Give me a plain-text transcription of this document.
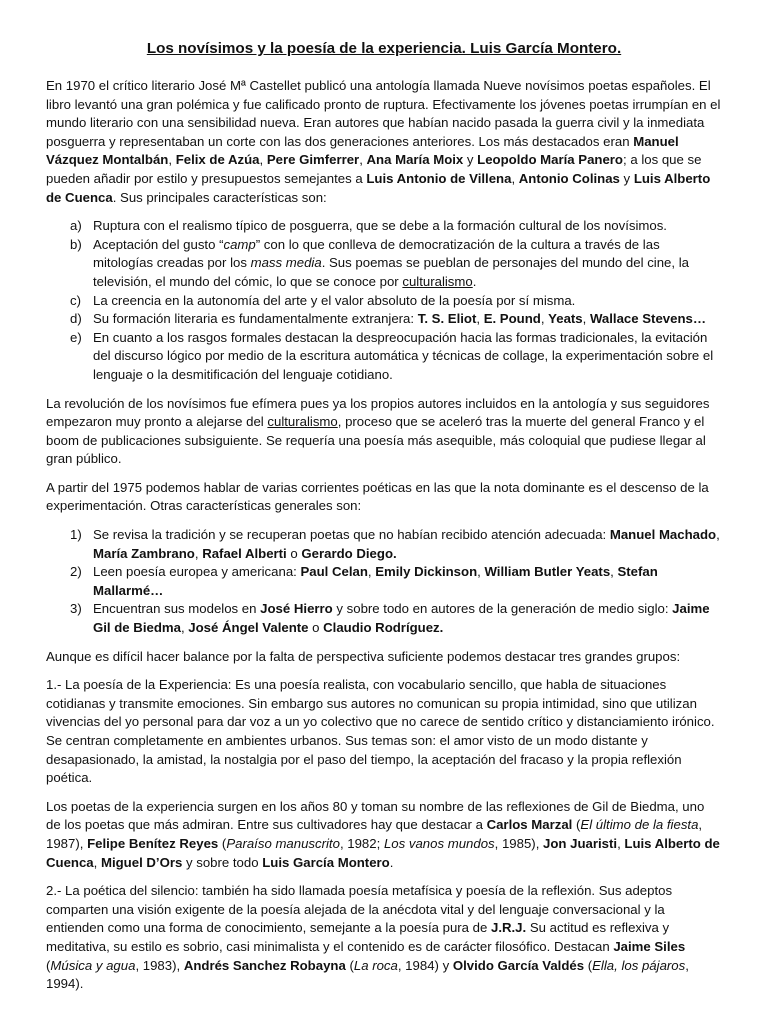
Los novísimos y la poesía de la experiencia. Luis García Montero.

En 1970 el crítico literario José Mª Castellet publicó una antología llamada Nueve novísimos poetas españoles. El libro levantó una gran polémica y fue calificado pronto de ruptura. Efectivamente los jóvenes poetas irrumpían en el mundo literario con una sensibilidad nueva. Eran autores que habían nacido pasada la guerra civil y la inmediata posguerra y representaban un corte con las dos generaciones anteriores. Los más destacados eran Manuel Vázquez Montalbán, Felix de Azúa, Pere Gimferrer, Ana María Moix y Leopoldo María Panero; a los que se pueden añadir por estilo y presupuestos semejantes a Luis Antonio de Villena, Antonio Colinas y Luis Alberto de Cuenca. Sus principales características son:

a) Ruptura con el realismo típico de posguerra, que se debe a la formación cultural de los novísimos.
b) Aceptación del gusto “camp” con lo que conlleva de democratización de la cultura a través de las mitologías creadas por los mass media. Sus poemas se pueblan de personajes del mundo del cine, la televisión, el mundo del cómic, lo que se conoce por culturalismo.
c) La creencia en la autonomía del arte y el valor absoluto de la poesía por sí misma.
d) Su formación literaria es fundamentalmente extranjera: T. S. Eliot, E. Pound, Yeats, Wallace Stevens…
e) En cuanto a los rasgos formales destacan la despreocupación hacia las formas tradicionales, la evitación del discurso lógico por medio de la escritura automática y técnicas de collage, la experimentación sobre el lenguaje o la desmitificación del lenguaje cotidiano.

La revolución de los novísimos fue efímera pues ya los propios autores incluidos en la antología y sus seguidores empezaron muy pronto a alejarse del culturalismo, proceso que se aceleró tras la muerte del general Franco y el boom de publicaciones subsiguiente. Se requería una poesía más asequible, más coloquial que pudiese llegar al gran público.

A partir del 1975 podemos hablar de varias corrientes poéticas en las que la nota dominante es el descenso de la experimentación. Otras características generales son:

1) Se revisa la tradición y se recuperan poetas que no habían recibido atención adecuada: Manuel Machado, María Zambrano, Rafael Alberti o Gerardo Diego.
2) Leen poesía europea y americana: Paul Celan, Emily Dickinson, William Butler Yeats, Stefan Mallarmé…
3) Encuentran sus modelos en José Hierro y sobre todo en autores de la generación de medio siglo: Jaime Gil de Biedma, José Ángel Valente o Claudio Rodríguez.

Aunque es difícil hacer balance por la falta de perspectiva suficiente podemos destacar tres grandes grupos:

1.- La poesía de la Experiencia: Es una poesía realista, con vocabulario sencillo, que habla de situaciones cotidianas y transmite emociones. Sin embargo sus autores no comunican su propia intimidad, sino que utilizan vivencias del yo personal para dar voz a un yo colectivo que no carece de sentido crítico y distanciamiento irónico. Se centran completamente en ambientes urbanos. Sus temas son: el amor visto de un modo distante y desapasionado, la amistad, la nostalgia por el paso del tiempo, la aceptación del fracaso y la propia reflexión poética.

Los poetas de la experiencia surgen en los años 80 y toman su nombre de las reflexiones de Gil de Biedma, uno de los poetas que más admiran. Entre sus cultivadores hay que destacar a Carlos Marzal (El último de la fiesta, 1987), Felipe Benítez Reyes (Paraíso manuscrito, 1982; Los vanos mundos, 1985), Jon Juaristi, Luis Alberto de Cuenca, Miguel D’Ors y sobre todo Luis García Montero.

2.- La poética del silencio: también ha sido llamada poesía metafísica y poesía de la reflexión. Sus adeptos comparten una visión exigente de la poesía alejada de la anécdota vital y del lenguaje conversacional y la entienden como una forma de conocimiento, semejante a la poesía pura de J.R.J. Su actitud es reflexiva y meditativa, su estilo es sobrio, casi minimalista y el contenido es de carácter filosófico. Destacan Jaime Siles (Música y agua, 1983), Andrés Sanchez Robayna (La roca, 1984) y Olvido García Valdés (Ella, los pájaros, 1994).
